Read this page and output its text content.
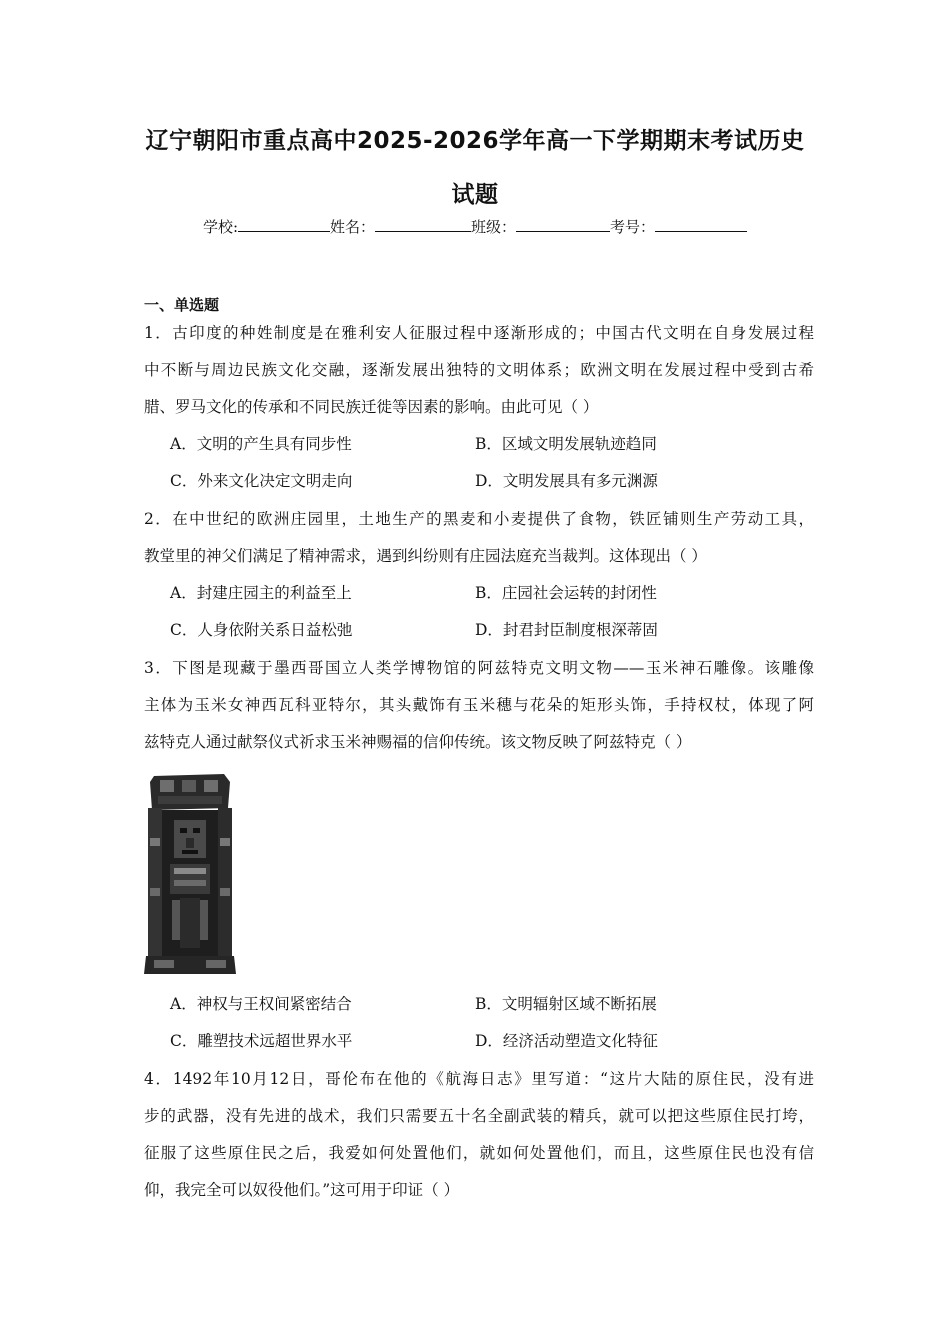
辽宁朝阳市重点高中2025-2026学年高一下学期期末考试历史
试题
学校:	姓名：	班级：	考号：
一、单选题
1．古印度的种姓制度是在雅利安人征服过程中逐渐形成的；中国古代文明在自身发展过程
中不断与周边民族文化交融，逐渐发展出独特的文明体系；欧洲文明在发展过程中受到古希
腊、罗马文化的传承和不同民族迁徙等因素的影响。由此可见（ ）
A．文明的产生具有同步性	B．区域文明发展轨迹趋同
C．外来文化决定文明走向	D．文明发展具有多元渊源
2．在中世纪的欧洲庄园里，土地生产的黑麦和小麦提供了食物，铁匠铺则生产劳动工具，
教堂里的神父们满足了精神需求，遇到纠纷则有庄园法庭充当裁判。这体现出（ ）
A．封建庄园主的利益至上	B．庄园社会运转的封闭性
C．人身依附关系日益松弛	D．封君封臣制度根深蒂固
3．下图是现藏于墨西哥国立人类学博物馆的阿兹特克文明文物——玉米神石雕像。该雕像
主体为玉米女神西瓦科亚特尔，其头戴饰有玉米穗与花朵的矩形头饰，手持权杖，体现了阿
兹特克人通过献祭仪式祈求玉米神赐福的信仰传统。该文物反映了阿兹特克（ ）
A．神权与王权间紧密结合	B．文明辐射区域不断拓展
C．雕塑技术远超世界水平	D．经济活动塑造文化特征
4．1492年10月12日，哥伦布在他的《航海日志》里写道：“这片大陆的原住民，没有进
步的武器，没有先进的战术，我们只需要五十名全副武装的精兵，就可以把这些原住民打垮，
征服了这些原住民之后，我爱如何处置他们，就如何处置他们，而且，这些原住民也没有信
仰，我完全可以奴役他们。”这可用于印证（ ）
